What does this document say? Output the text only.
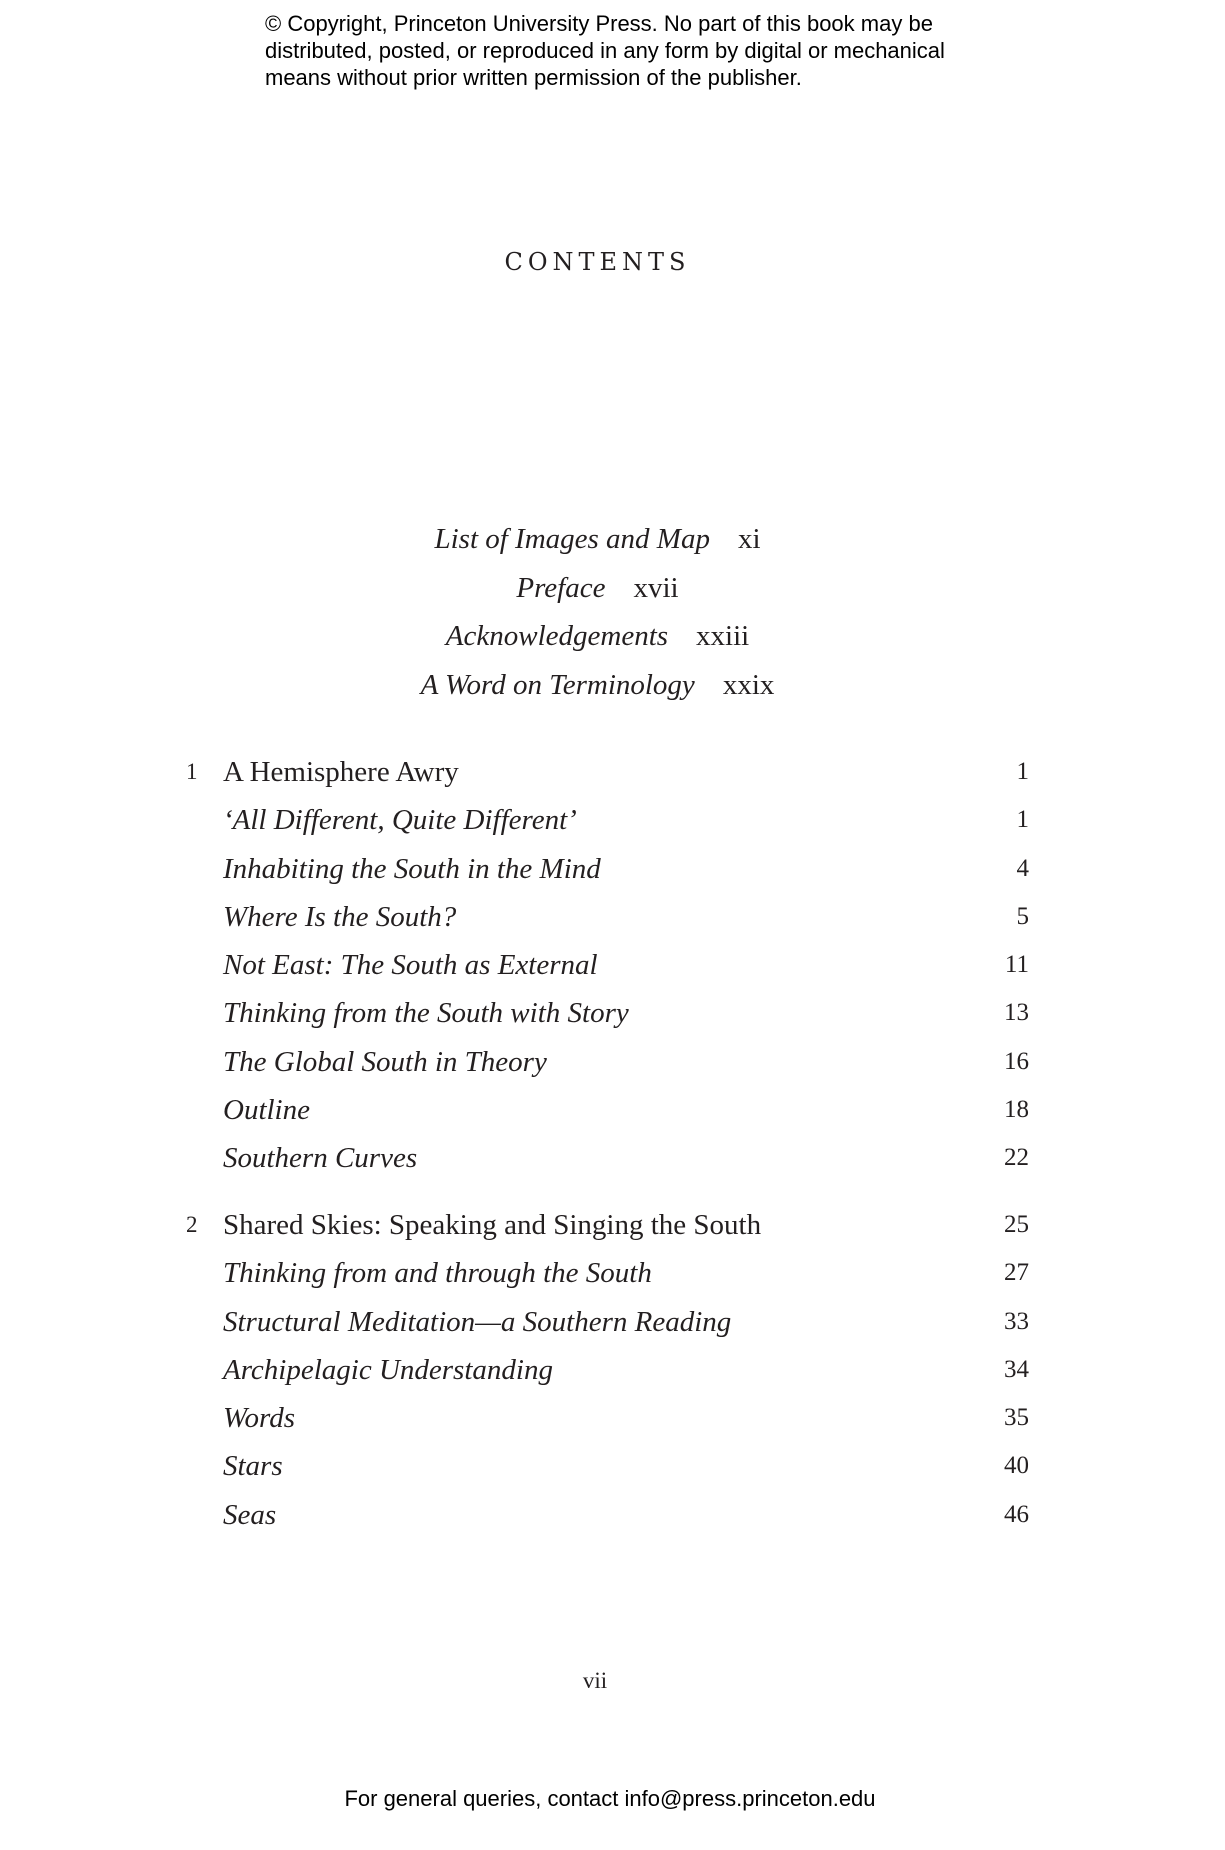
© Copyright, Princeton University Press. No part of this book may be
distributed, posted, or reproduced in any form by digital or mechanical
means without prior written permission of the publisher.
CONTENTS
List of Images and Map xi
Preface xvii
Acknowledgements xxiii
A Word on Terminology xxix
1 A Hemisphere Awry	1
‘All Different, Quite Different’	1
Inhabiting the South in the Mind	4
Where Is the South?	5
Not East: The South as External	11
Thinking from the South with Story	13
The Global South in Theory	16
Outline	18
Southern Curves	22
2 Shared Skies: Speaking and Singing the South	25
Thinking from and through the South	27
Structural Meditation—a Southern Reading	33
Archipelagic Understanding	34
Words	35
Stars	40
Seas	46
vii
For general queries, contact info@press.princeton.edu
